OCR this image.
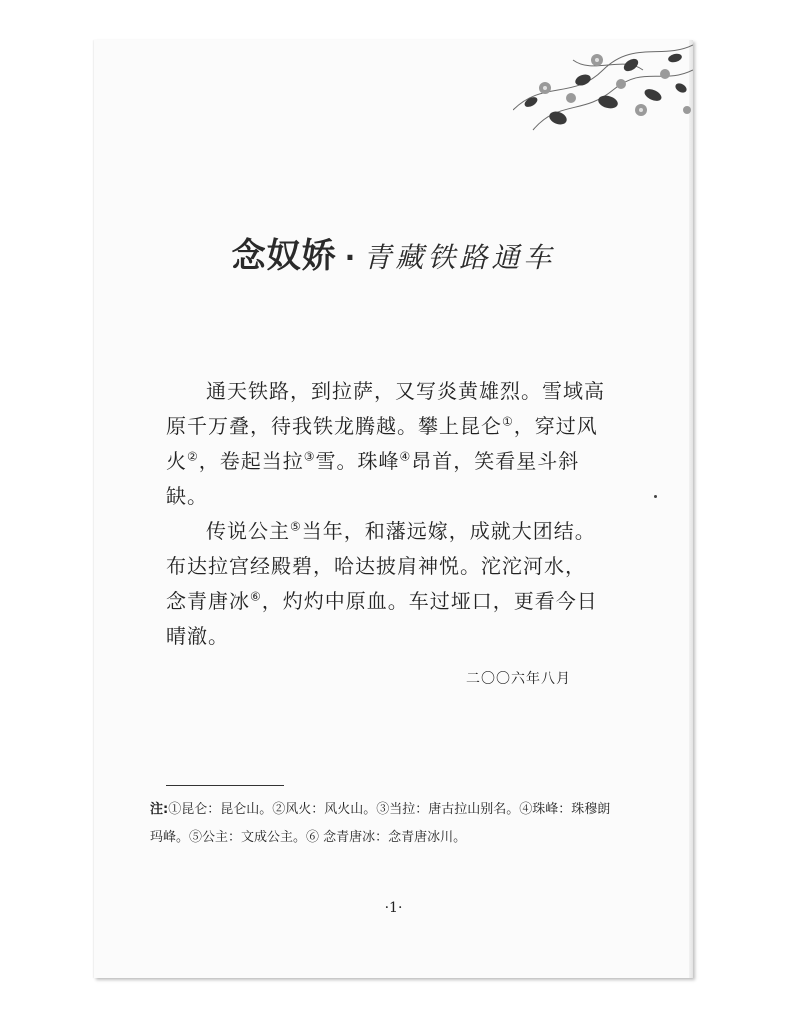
念奴娇 · 青藏铁路通车

通天铁路，到拉萨，又写炎黄雄烈。雪域高原千万叠，待我铁龙腾越。攀上昆仑①，穿过风火②，卷起当拉③雪。珠峰④昂首，笑看星斗斜缺。

传说公主⑤当年，和藩远嫁，成就大团结。布达拉宫经殿碧，哈达披肩神悦。沱沱河水，念青唐冰⑥，灼灼中原血。车过垭口，更看今日晴澈。

二〇〇六年八月
注:①昆仑：昆仑山。②风火：风火山。③当拉：唐古拉山别名。④珠峰：珠穆朗玛峰。⑤公主：文成公主。⑥ 念青唐冰：念青唐冰川。
·1·
